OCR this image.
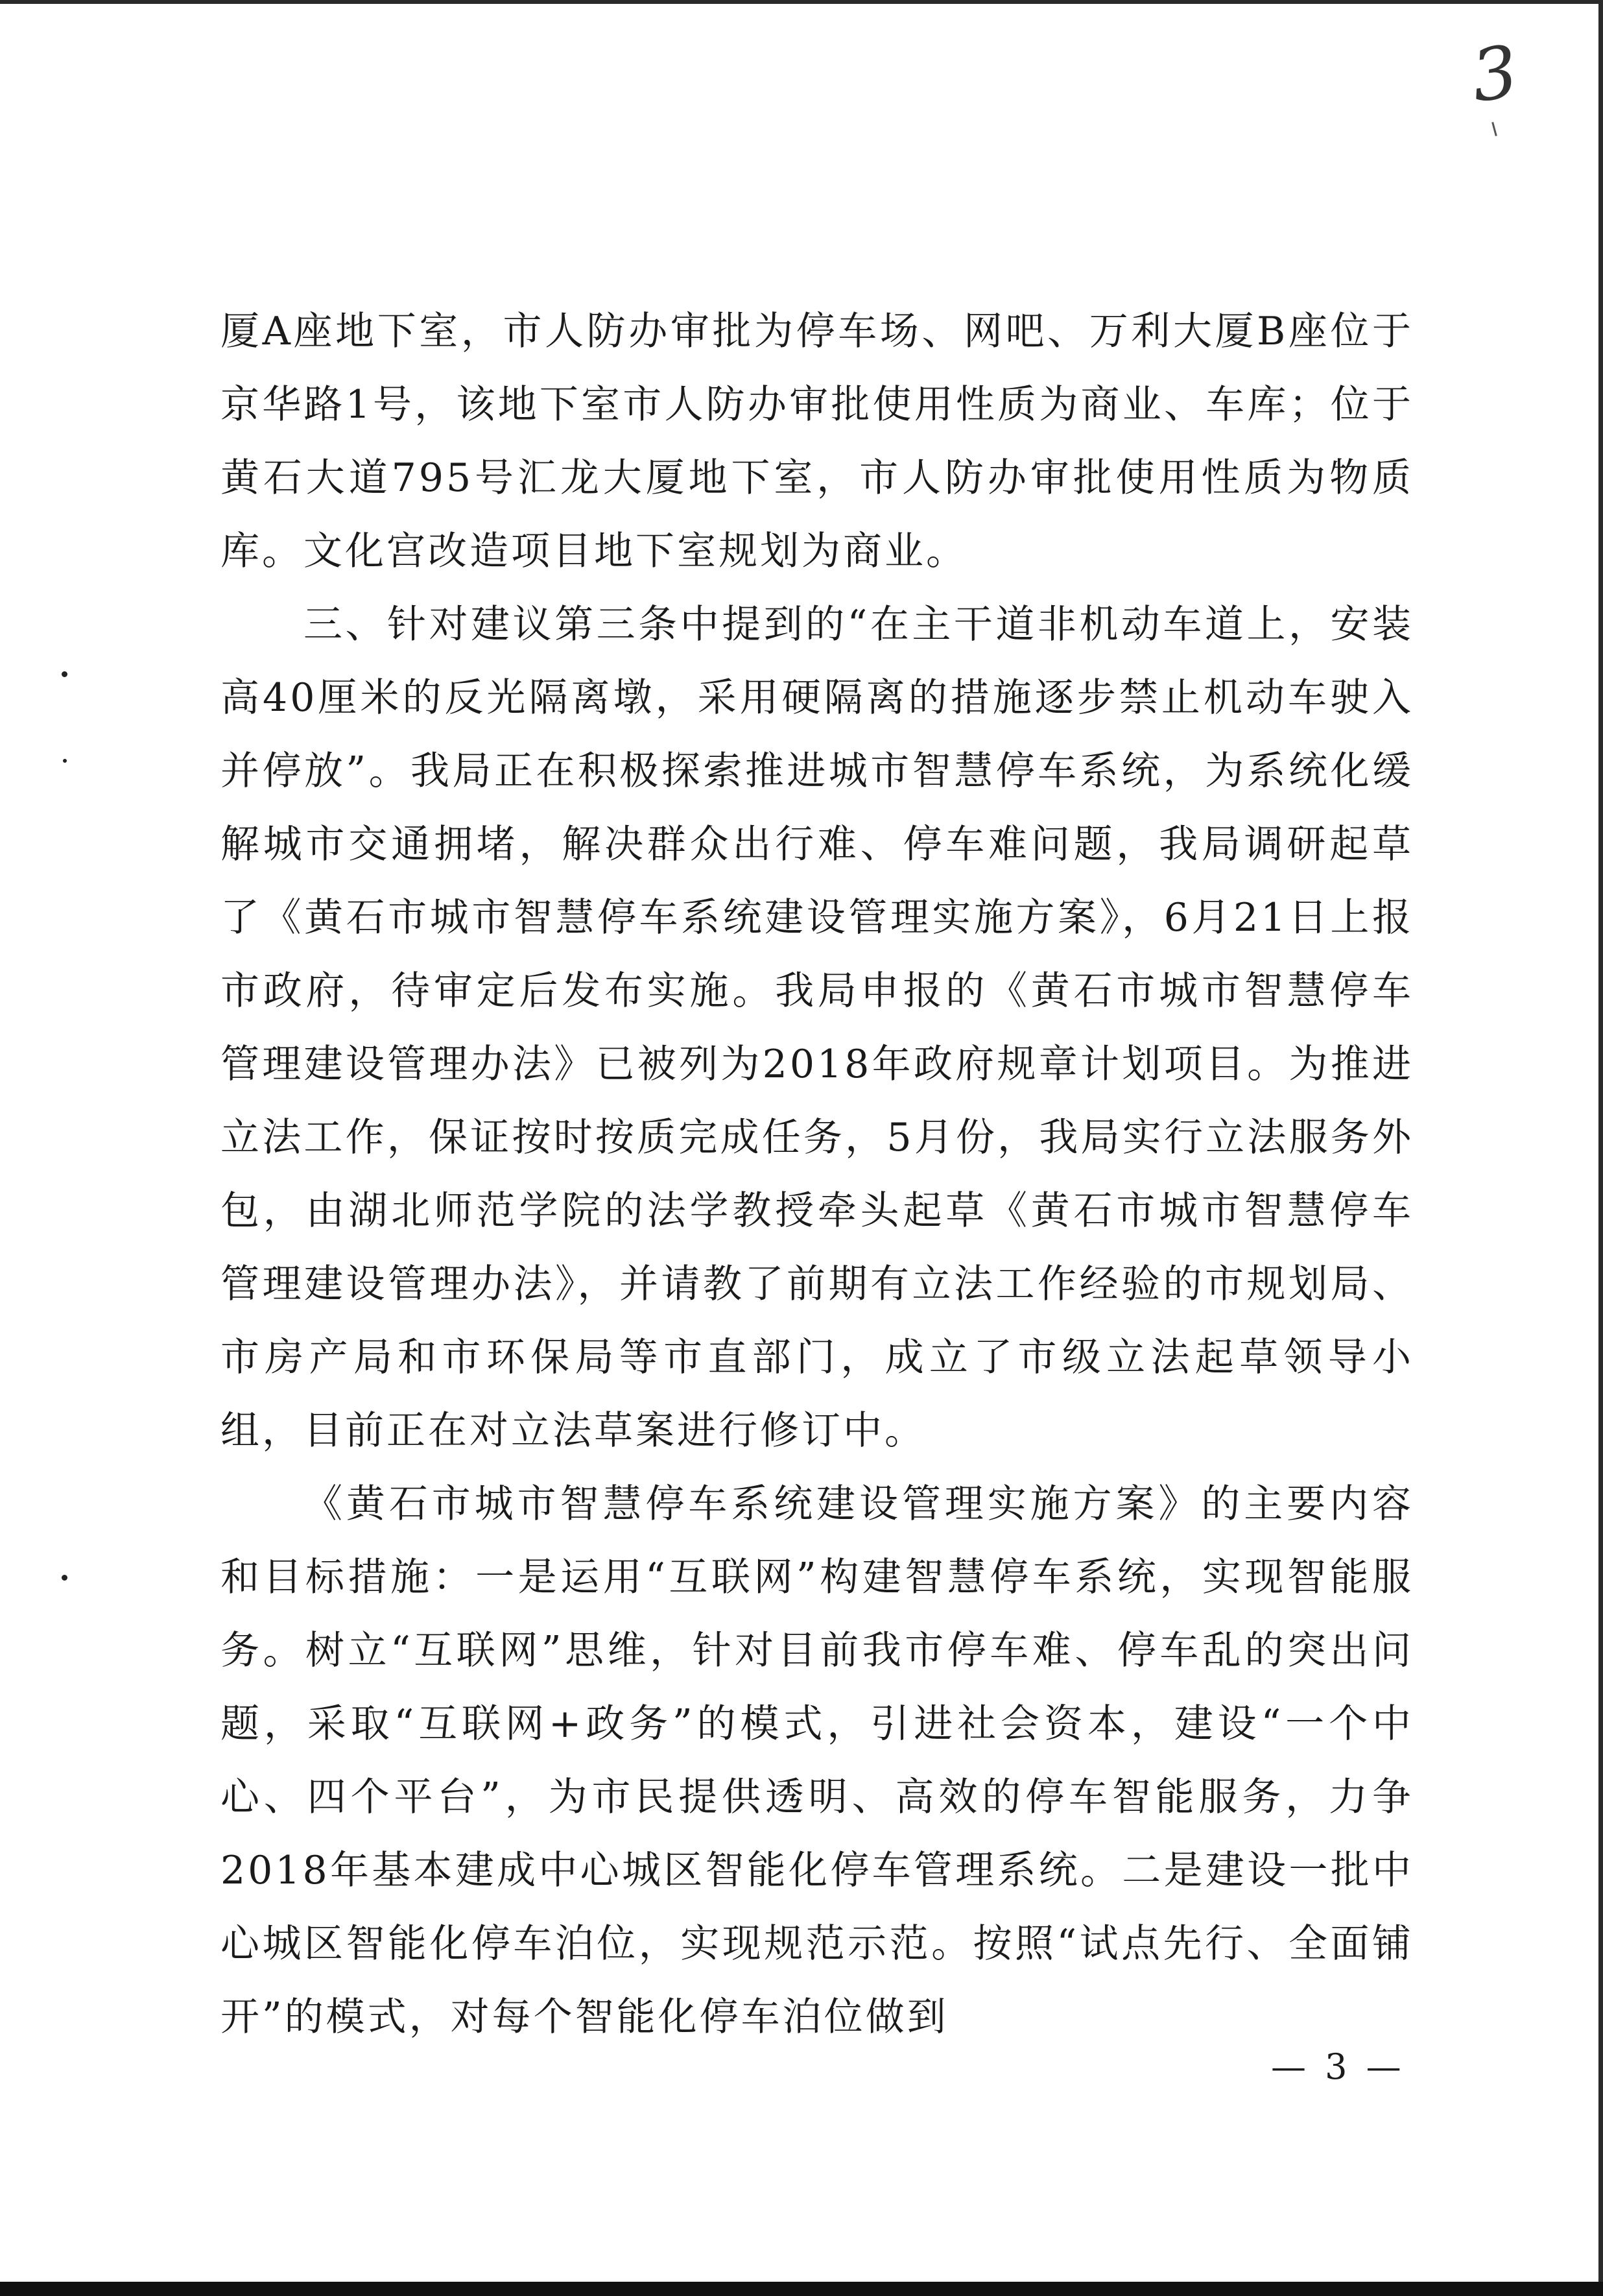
3

厦A座地下室，市人防办审批为停车场、网吧、万利大厦B座位于京华路1号，该地下室市人防办审批使用性质为商业、车库；位于黄石大道795号汇龙大厦地下室，市人防办审批使用性质为物质库。文化宫改造项目地下室规划为商业。

三、针对建议第三条中提到的“在主干道非机动车道上，安装高40厘米的反光隔离墩，采用硬隔离的措施逐步禁止机动车驶入并停放”。我局正在积极探索推进城市智慧停车系统，为系统化缓解城市交通拥堵，解决群众出行难、停车难问题，我局调研起草了《黄石市城市智慧停车系统建设管理实施方案》，6月21日上报市政府，待审定后发布实施。我局申报的《黄石市城市智慧停车管理建设管理办法》已被列为2018年政府规章计划项目。为推进立法工作，保证按时按质完成任务，5月份，我局实行立法服务外包，由湖北师范学院的法学教授牵头起草《黄石市城市智慧停车管理建设管理办法》，并请教了前期有立法工作经验的市规划局、市房产局和市环保局等市直部门，成立了市级立法起草领导小组，目前正在对立法草案进行修订中。

《黄石市城市智慧停车系统建设管理实施方案》的主要内容和目标措施：一是运用“互联网”构建智慧停车系统，实现智能服务。树立“互联网”思维，针对目前我市停车难、停车乱的突出问题，采取“互联网+政务”的模式，引进社会资本，建设“一个中心、四个平台”，为市民提供透明、高效的停车智能服务，力争2018年基本建成中心城区智能化停车管理系统。二是建设一批中心城区智能化停车泊位，实现规范示范。按照“试点先行、全面铺开”的模式，对每个智能化停车泊位做到

— 3 —
